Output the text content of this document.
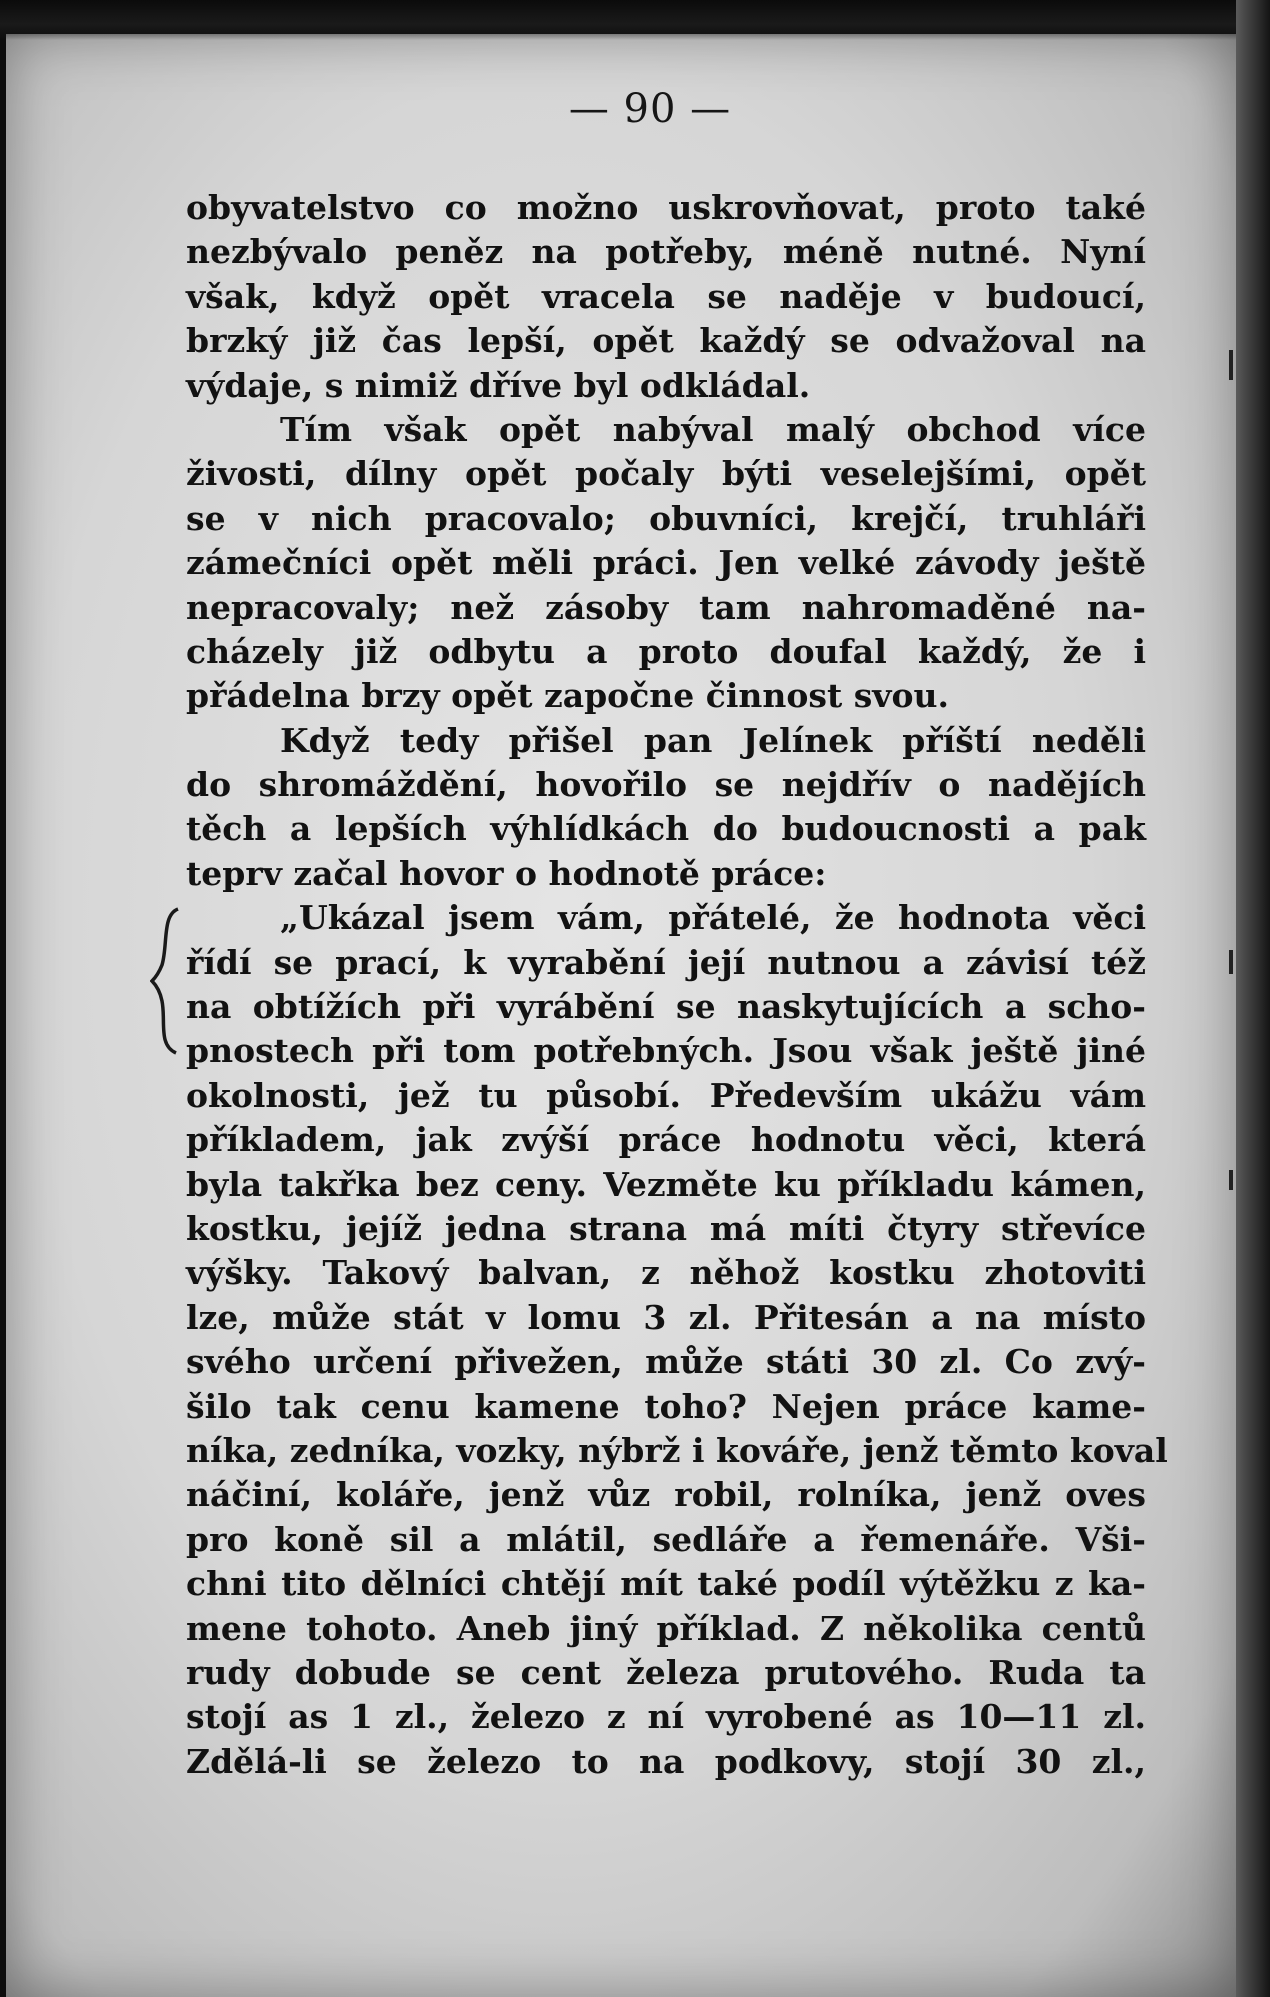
— 90 —
obyvatelstvo co možno uskrovňovat, proto také
nezbývalo peněz na potřeby, méně nutné. Nyní
však, když opět vracela se naděje v budoucí,
brzký již čas lepší, opět každý se odvažoval na
výdaje, s nimiž dříve byl odkládal.
Tím však opět nabýval malý obchod více
živosti, dílny opět počaly býti veselejšími, opět
se v nich pracovalo; obuvníci, krejčí, truhláři
zámečníci opět měli práci. Jen velké závody ještě
nepracovaly; než zásoby tam nahromaděné na-
cházely již odbytu a proto doufal každý, že i
přádelna brzy opět započne činnost svou.
Když tedy přišel pan Jelínek příští neděli
do shromáždění, hovořilo se nejdřív o nadějích
těch a lepších výhlídkách do budoucnosti a pak
teprv začal hovor o hodnotě práce:
„Ukázal jsem vám, přátelé, že hodnota věci
řídí se prací, k vyrabění její nutnou a závisí též
na obtížích při vyrábění se naskytujících a scho-
pnostech při tom potřebných. Jsou však ještě jiné
okolnosti, jež tu působí. Především ukážu vám
příkladem, jak zvýší práce hodnotu věci, která
byla takřka bez ceny. Vezměte ku příkladu kámen,
kostku, jejíž jedna strana má míti čtyry střevíce
výšky. Takový balvan, z něhož kostku zhotoviti
lze, může stát v lomu 3 zl. Přitesán a na místo
svého určení přivežen, může státi 30 zl. Co zvý-
šilo tak cenu kamene toho? Nejen práce kame-
níka, zedníka, vozky, nýbrž i kováře, jenž těmto koval
náčiní, koláře, jenž vůz robil, rolníka, jenž oves
pro koně sil a mlátil, sedláře a řemenáře. Vši-
chni tito dělníci chtějí mít také podíl výtěžku z ka-
mene tohoto. Aneb jiný příklad. Z několika centů
rudy dobude se cent železa prutového. Ruda ta
stojí as 1 zl., železo z ní vyrobené as 10—11 zl.
Zdělá-li se železo to na podkovy, stojí 30 zl.,
